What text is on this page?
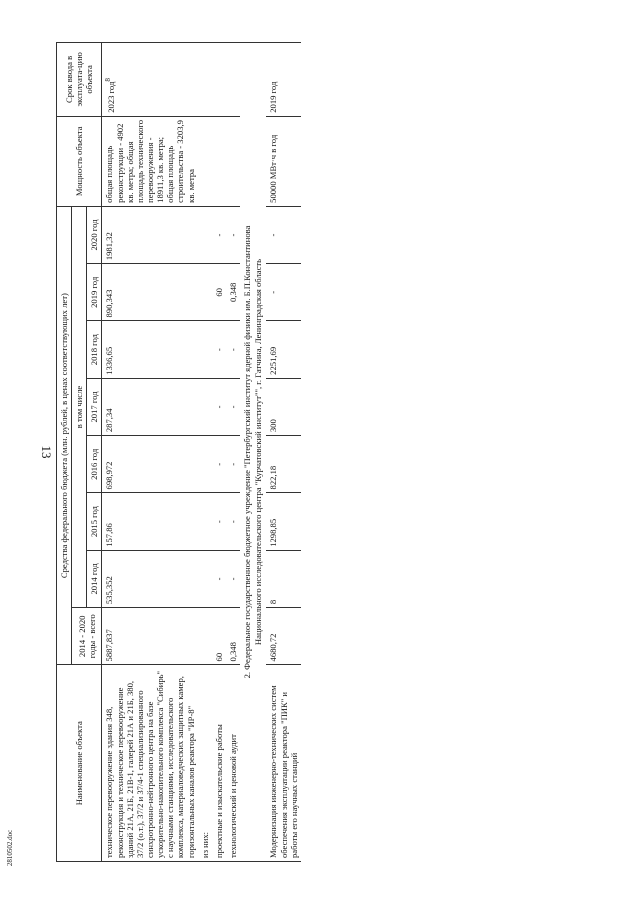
13
2810502.doc
Наименование объекта	Средства федерального бюджета (млн. рублей, в ценах соответствующих лет)								Мощность объекта	Срок ввода в эксплуата-цию объекта
	2014 - 2020 годы - всего	в том числе								
		2014 год	2015 год	2016 год	2017 год	2018 год	2019 год	2020 год		
техническое перевооружение здания 348, реконструкция и техническое перевооружение зданий 21А, 21Б, 21В-1, галерей 21А и 21Б, 380, 37/2 (о.т.), 37/2 и 37/4-1 специализированного синхротронно-нейтронного центра на базе ускорительно-накопительного комплекса "Сибирь" с научными станциями, исследовательского комплекса, материаловедческих защитных камер, горизонтальных каналов реактора "ИР-8"	5887,837	535,352	157,86	698,972	287,34	1336,65	890,343	1981,32	общая площадь реконструкции - 4902 кв. метра; общая площадь технического перевооружения - 18911,3 кв. метра; общая площадь строительства - 3203,9 кв. метра	2023 год$^8$
из них:										
проектные и изыскательские работы	60	-	-	-	-	-	60	-		
технологический и ценовой аудит	0,348	-	-	-	-	-	0,348	-		

2. Федеральное государственное бюджетное учреждение "Петербургский институт ядерной физики им. Б.П.Константинова Национального исследовательского центра "Курчатовский институт"", г. Гатчина, Ленинградская область										

Модернизация инженерно-технических систем обеспечения эксплуатации реактора "ПИК" и работы его научных станций	4680,72	8	1298,85	822,18	300	2251,69	-	-	50000 МВт·ч в год	2019 год
